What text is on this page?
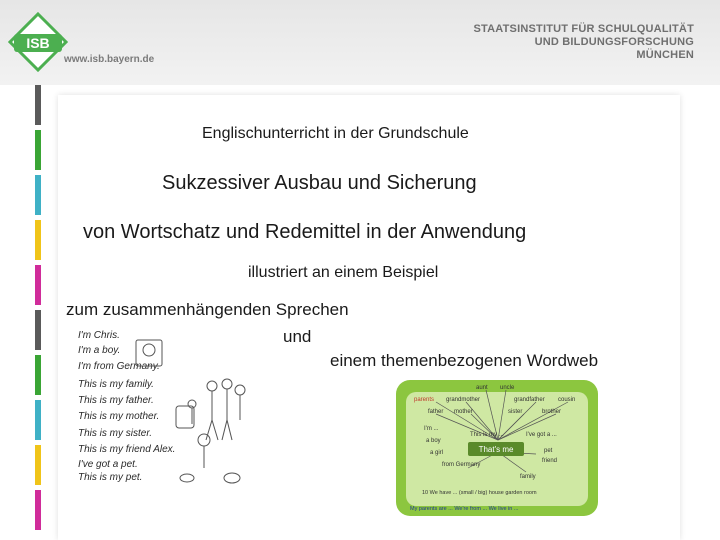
ISB
www.isb.bayern.de
STAATSINSTITUT FÜR SCHULQUALITÄT
UND BILDUNGSFORSCHUNG
MÜNCHEN
Englischunterricht in der Grundschule
Sukzessiver Ausbau und Sicherung
von Wortschatz und Redemittel in der Anwendung
illustriert an einem Beispiel
zum zusammenhängenden Sprechen
und
einem themenbezogenen Wordweb
I'm Chris.
I'm a boy.
I'm from Germany.
This is my family.
This is my father.
This is my mother.
This is my sister.
This is my friend Alex.
I've got a pet.
This is my pet.
aunt uncle
parents grandmother	grandfather cousin
father mother	sister	brother
I'm ...
a boy
a girl
This is my ...	I've got a ...
That's me	pet
friend
from Germany
family
10 We have ... (small / big) house garden room
My parents are ... We're from ... We live in ...
